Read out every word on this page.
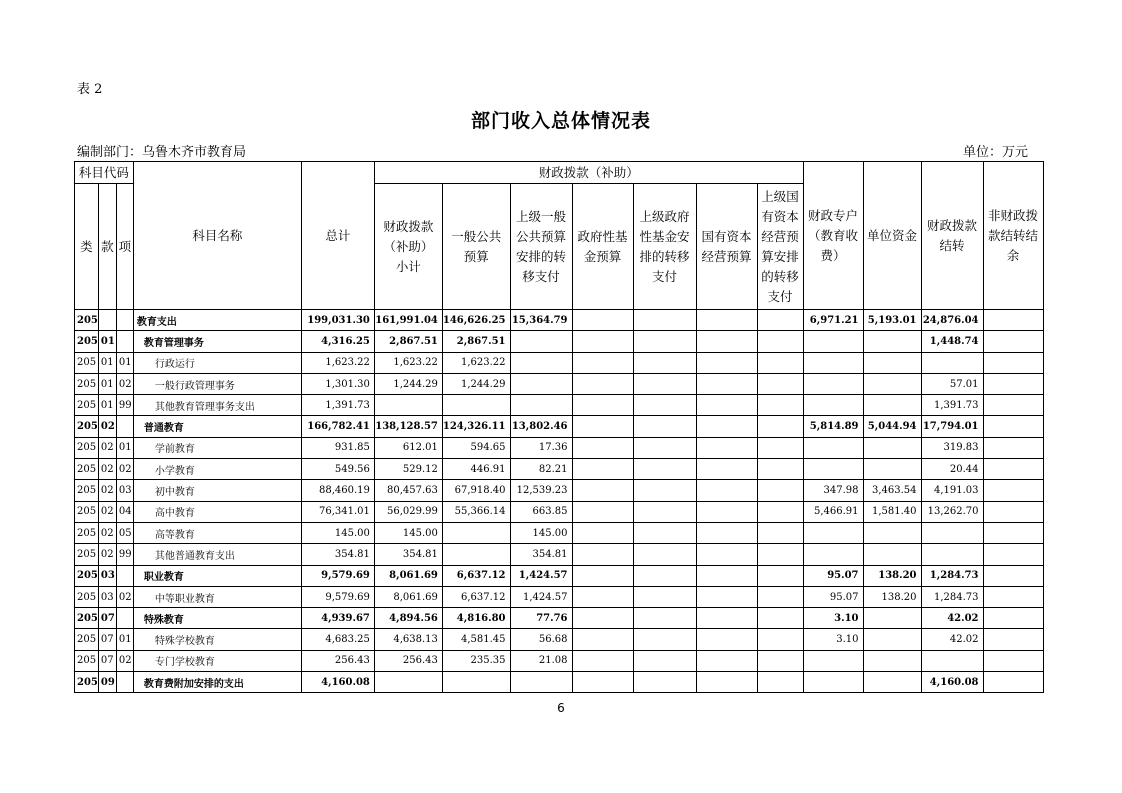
表 2
部门收入总体情况表
编制部门：乌鲁木齐市教育局	单位：万元
科目代码			科目名称	总计	财政拨款（补助）							财政专户（教育收费）	单位资金	财政拨款结转	非财政拨款结转结余
类	款	项			财政拨款（补助）小计	一般公共预算	上级一般公共预算安排的转移支付	政府性基金预算	上级政府性基金安排的转移支付	国有资本经营预算	上级国有资本经营预算安排的转移支付				
205			教育支出	199,031.30	161,991.04	146,626.25	15,364.79					6,971.21	5,193.01	24,876.04	
205	01		教育管理事务	4,316.25	2,867.51	2,867.51								1,448.74	
205	01	01	行政运行	1,623.22	1,623.22	1,623.22									
205	01	02	一般行政管理事务	1,301.30	1,244.29	1,244.29								57.01	
205	01	99	其他教育管理事务支出	1,391.73										1,391.73	
205	02		普通教育	166,782.41	138,128.57	124,326.11	13,802.46					5,814.89	5,044.94	17,794.01	
205	02	01	学前教育	931.85	612.01	594.65	17.36							319.83	
205	02	02	小学教育	549.56	529.12	446.91	82.21							20.44	
205	02	03	初中教育	88,460.19	80,457.63	67,918.40	12,539.23					347.98	3,463.54	4,191.03	
205	02	04	高中教育	76,341.01	56,029.99	55,366.14	663.85					5,466.91	1,581.40	13,262.70	
205	02	05	高等教育	145.00	145.00		145.00								
205	02	99	其他普通教育支出	354.81	354.81		354.81								
205	03		职业教育	9,579.69	8,061.69	6,637.12	1,424.57					95.07	138.20	1,284.73	
205	03	02	中等职业教育	9,579.69	8,061.69	6,637.12	1,424.57					95.07	138.20	1,284.73	
205	07		特殊教育	4,939.67	4,894.56	4,816.80	77.76					3.10		42.02	
205	07	01	特殊学校教育	4,683.25	4,638.13	4,581.45	56.68					3.10		42.02	
205	07	02	专门学校教育	256.43	256.43	235.35	21.08								
205	09		教育费附加安排的支出	4,160.08										4,160.08	
6
